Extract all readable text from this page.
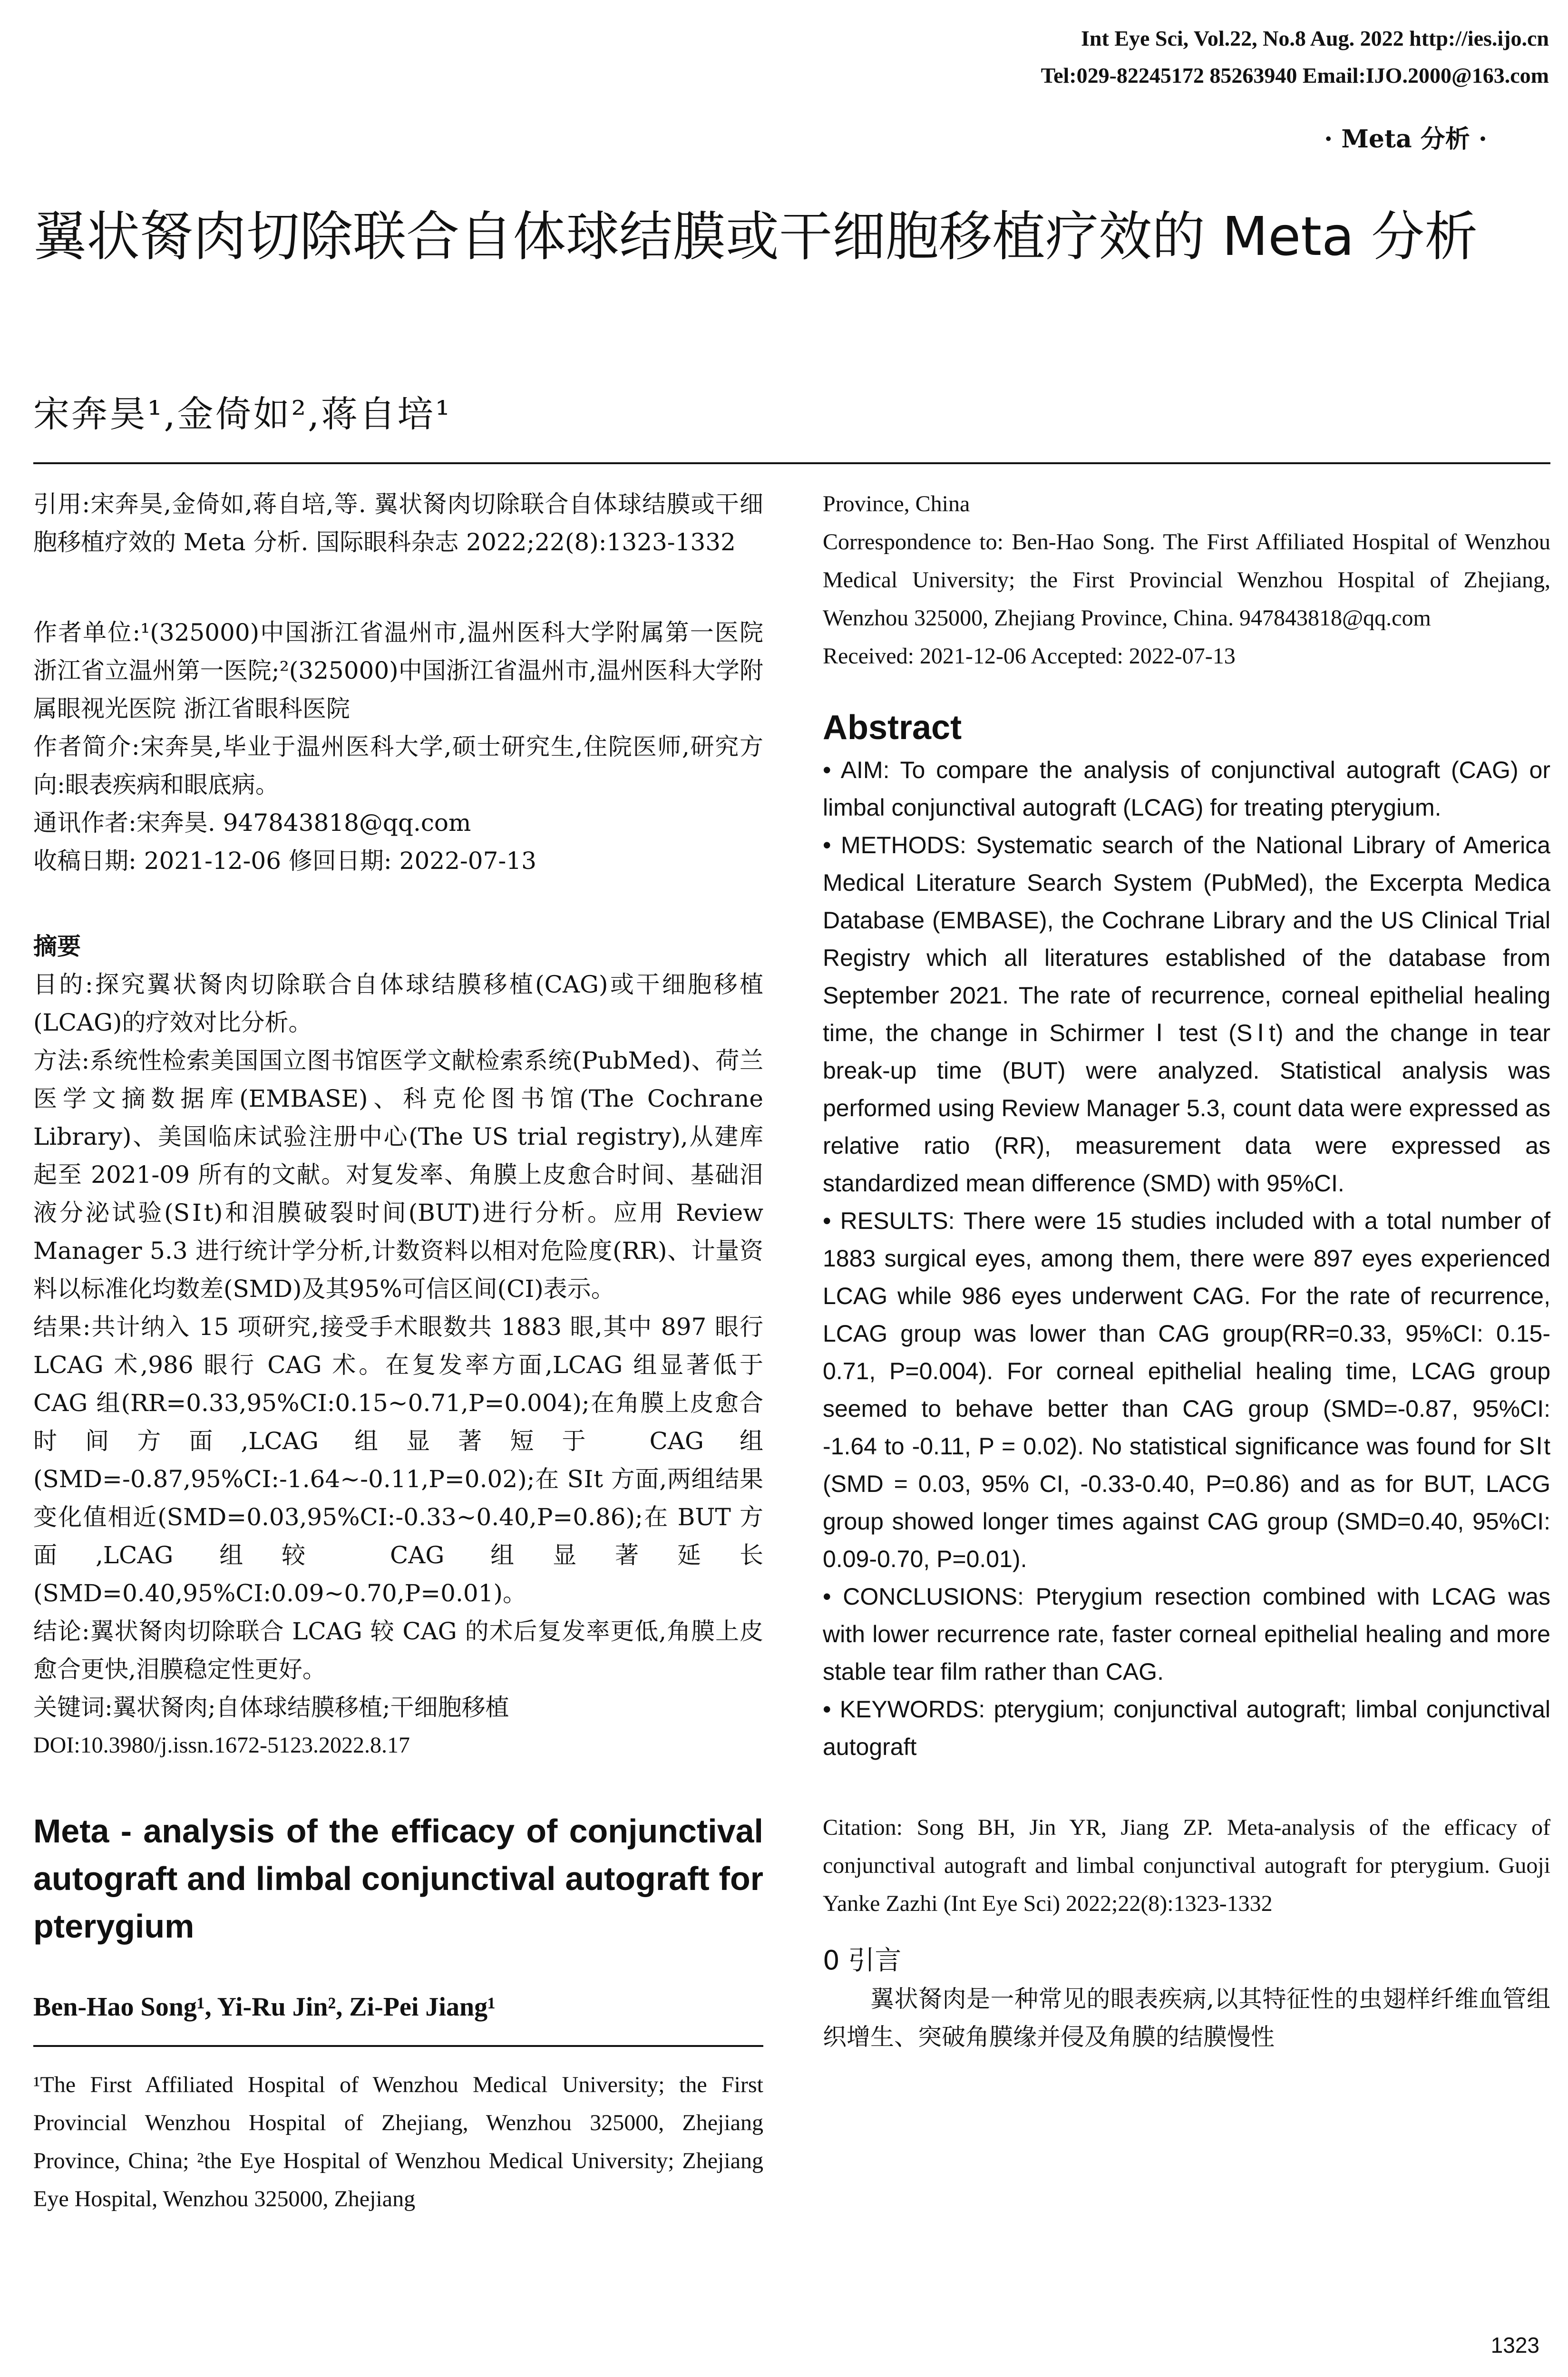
Int Eye Sci, Vol.22, No.8 Aug. 2022 http://ies.ijo.cn
Tel:029-82245172 85263940 Email:IJO.2000@163.com
· Meta 分析 ·
翼状胬肉切除联合自体球结膜或干细胞移植疗效的 Meta 分析
宋奔昊¹,金倚如²,蒋自培¹

引用:宋奔昊,金倚如,蒋自培,等. 翼状胬肉切除联合自体球结膜或干细胞移植疗效的 Meta 分析. 国际眼科杂志 2022;22(8):1323-1332

作者单位:¹(325000)中国浙江省温州市,温州医科大学附属第一医院 浙江省立温州第一医院;²(325000)中国浙江省温州市,温州医科大学附属眼视光医院 浙江省眼科医院

作者简介:宋奔昊,毕业于温州医科大学,硕士研究生,住院医师,研究方向:眼表疾病和眼底病。

通讯作者:宋奔昊. 947843818@qq.com

收稿日期: 2021-12-06 修回日期: 2022-07-13

摘要

目的:探究翼状胬肉切除联合自体球结膜移植(CAG)或干细胞移植(LCAG)的疗效对比分析。

方法:系统性检索美国国立图书馆医学文献检索系统(PubMed)、荷兰医学文摘数据库(EMBASE)、科克伦图书馆(The Cochrane Library)、美国临床试验注册中心(The US trial registry),从建库起至 2021-09 所有的文献。对复发率、角膜上皮愈合时间、基础泪液分泌试验(SⅠt)和泪膜破裂时间(BUT)进行分析。应用 Review Manager 5.3 进行统计学分析,计数资料以相对危险度(RR)、计量资料以标准化均数差(SMD)及其95%可信区间(CI)表示。

结果:共计纳入 15 项研究,接受手术眼数共 1883 眼,其中 897 眼行 LCAG 术,986 眼行 CAG 术。在复发率方面,LCAG 组显著低于 CAG 组(RR=0.33,95%CI:0.15~0.71,P=0.004);在角膜上皮愈合时间方面,LCAG 组显著短于 CAG 组(SMD=-0.87,95%CI:-1.64~-0.11,P=0.02);在 SⅠt 方面,两组结果变化值相近(SMD=0.03,95%CI:-0.33~0.40,P=0.86);在 BUT 方面,LCAG 组较 CAG 组显著延长(SMD=0.40,95%CI:0.09~0.70,P=0.01)。

结论:翼状胬肉切除联合 LCAG 较 CAG 的术后复发率更低,角膜上皮愈合更快,泪膜稳定性更好。

关键词:翼状胬肉;自体球结膜移植;干细胞移植

DOI:10.3980/j.issn.1672-5123.2022.8.17

Meta - analysis of the efficacy of conjunctival autograft and limbal conjunctival autograft for pterygium

Ben-Hao Song¹, Yi-Ru Jin², Zi-Pei Jiang¹

¹The First Affiliated Hospital of Wenzhou Medical University; the First Provincial Wenzhou Hospital of Zhejiang, Wenzhou 325000, Zhejiang Province, China; ²the Eye Hospital of Wenzhou Medical University; Zhejiang Eye Hospital, Wenzhou 325000, Zhejiang

Province, China

Correspondence to: Ben-Hao Song. The First Affiliated Hospital of Wenzhou Medical University; the First Provincial Wenzhou Hospital of Zhejiang, Wenzhou 325000, Zhejiang Province, China. 947843818@qq.com

Received: 2021-12-06 Accepted: 2022-07-13

Abstract

• AIM: To compare the analysis of conjunctival autograft (CAG) or limbal conjunctival autograft (LCAG) for treating pterygium.

• METHODS: Systematic search of the National Library of America Medical Literature Search System (PubMed), the Excerpta Medica Database (EMBASE), the Cochrane Library and the US Clinical Trial Registry which all literatures established of the database from September 2021. The rate of recurrence, corneal epithelial healing time, the change in Schirmer Ⅰ test (SⅠt) and the change in tear break-up time (BUT) were analyzed. Statistical analysis was performed using Review Manager 5.3, count data were expressed as relative ratio (RR), measurement data were expressed as standardized mean difference (SMD) with 95%CI.

• RESULTS: There were 15 studies included with a total number of 1883 surgical eyes, among them, there were 897 eyes experienced LCAG while 986 eyes underwent CAG. For the rate of recurrence, LCAG group was lower than CAG group(RR=0.33, 95%CI: 0.15-0.71, P=0.004). For corneal epithelial healing time, LCAG group seemed to behave better than CAG group (SMD=-0.87, 95%CI: -1.64 to -0.11, P = 0.02). No statistical significance was found for SⅠt (SMD = 0.03, 95% CI, -0.33-0.40, P=0.86) and as for BUT, LACG group showed longer times against CAG group (SMD=0.40, 95%CI: 0.09-0.70, P=0.01).

• CONCLUSIONS: Pterygium resection combined with LCAG was with lower recurrence rate, faster corneal epithelial healing and more stable tear film rather than CAG.

• KEYWORDS: pterygium; conjunctival autograft; limbal conjunctival autograft

Citation: Song BH, Jin YR, Jiang ZP. Meta-analysis of the efficacy of conjunctival autograft and limbal conjunctival autograft for pterygium. Guoji Yanke Zazhi (Int Eye Sci) 2022;22(8):1323-1332

0 引言

翼状胬肉是一种常见的眼表疾病,以其特征性的虫翅样纤维血管组织增生、突破角膜缘并侵及角膜的结膜慢性

1323
